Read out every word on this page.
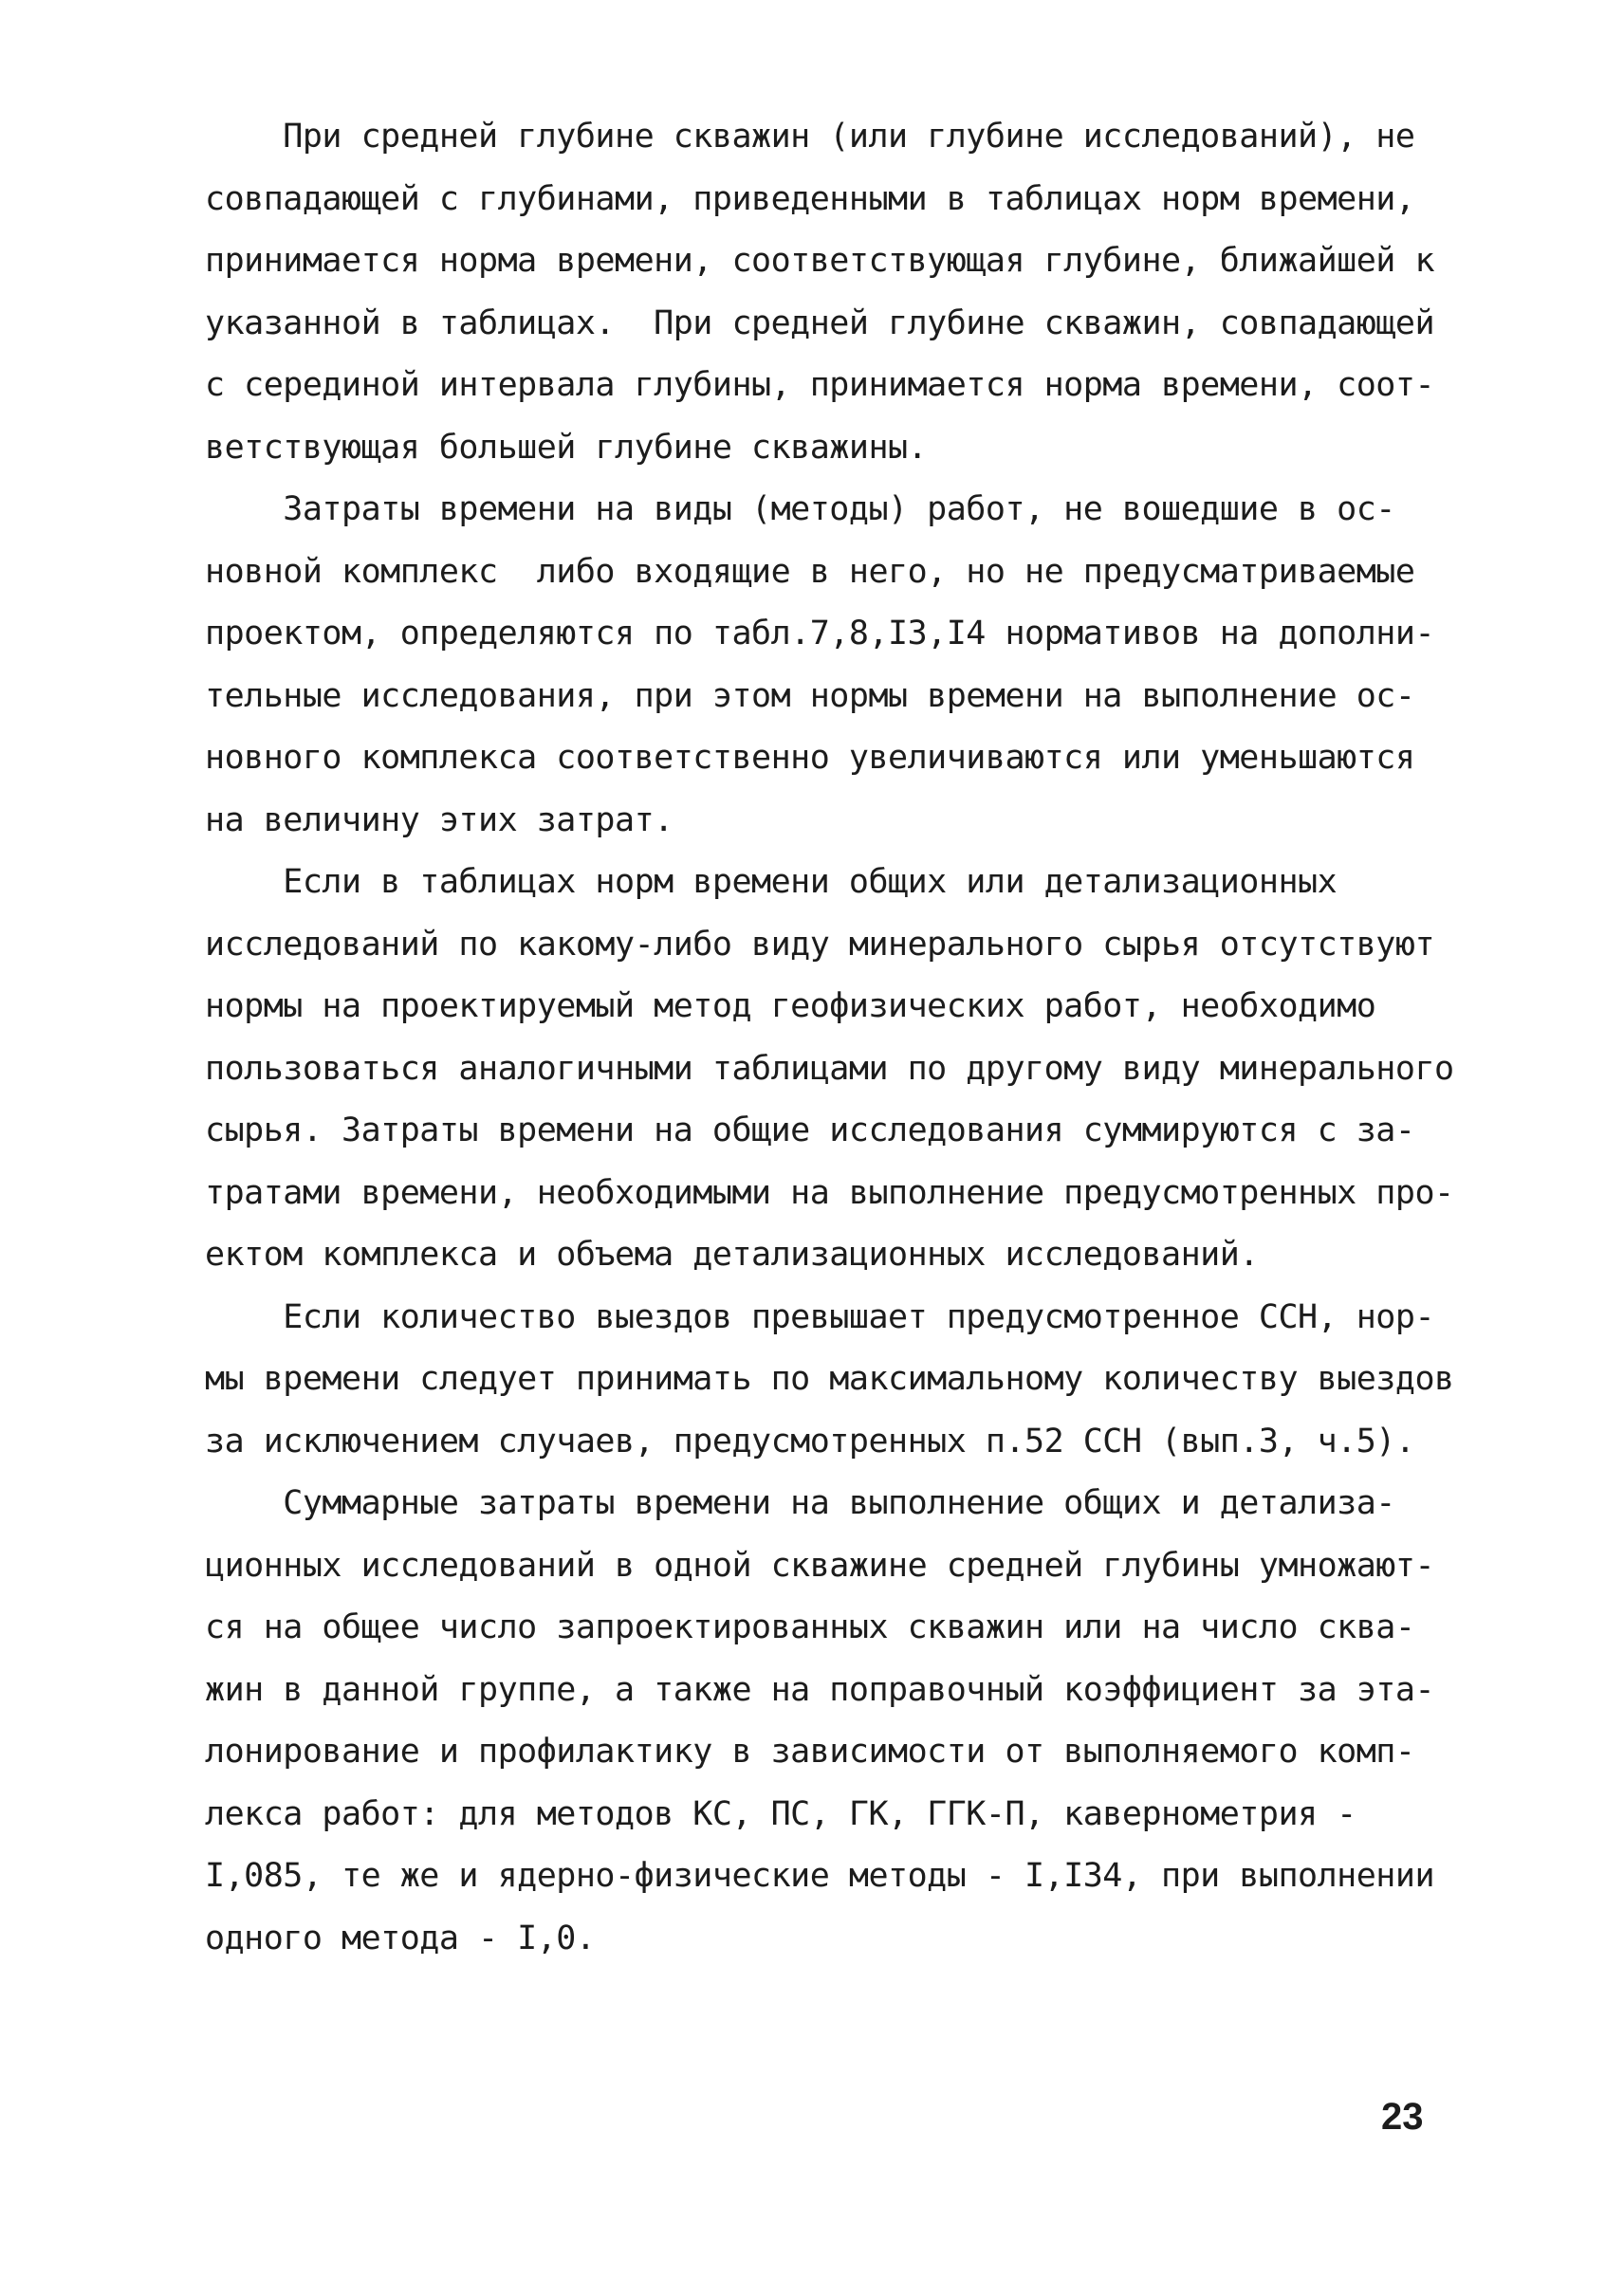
При средней глубине скважин (или глубине исследований), не
совпадающей с глубинами, приведенными в таблицах норм времени,
принимается норма времени, соответствующая глубине, ближайшей к
указанной в таблицах.  При средней глубине скважин, совпадающей
с серединой интервала глубины, принимается норма времени, соот-
ветствующая большей глубине скважины.
Затраты времени на виды (методы) работ, не вошедшие в ос-
новной комплекс  либо входящие в него, но не предусматриваемые
проектом, определяются по табл.7,8,I3,I4 нормативов на дополни-
тельные исследования, при этом нормы времени на выполнение ос-
новного комплекса соответственно увеличиваются или уменьшаются
на величину этих затрат.
Если в таблицах норм времени общих или детализационных
исследований по какому-либо виду минерального сырья отсутствуют
нормы на проектируемый метод геофизических работ, необходимо
пользоваться аналогичными таблицами по другому виду минерального
сырья. Затраты времени на общие исследования суммируются с за-
тратами времени, необходимыми на выполнение предусмотренных про-
ектом комплекса и объема детализационных исследований.
Если количество выездов превышает предусмотренное ССН, нор-
мы времени следует принимать по максимальному количеству выездов
за исключением случаев, предусмотренных п.52 ССН (вып.3, ч.5).
Суммарные затраты времени на выполнение общих и детализа-
ционных исследований в одной скважине средней глубины умножают-
ся на общее число запроектированных скважин или на число сква-
жин в данной группе, а также на поправочный коэффициент за эта-
лонирование и профилактику в зависимости от выполняемого комп-
лекса работ: для методов КС, ПС, ГК, ГГК-П, кавернометрия -
I,085, те же и ядерно-физические методы - I,I34, при выполнении
одного метода - I,0.
23
